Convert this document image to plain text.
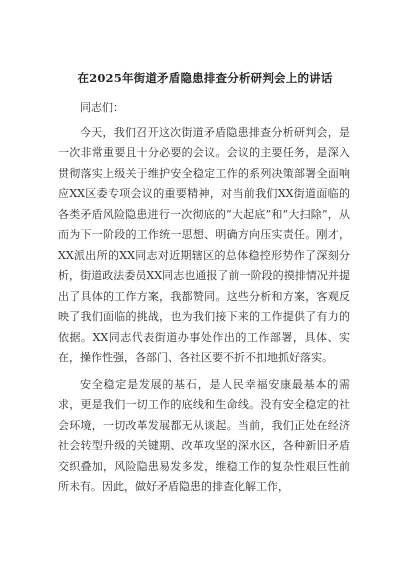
在2025年街道矛盾隐患排查分析研判会上的讲话

同志们：

今天，我们召开这次街道矛盾隐患排查分析研判会，是一次非常重要且十分必要的会议。会议的主要任务，是深入贯彻落实上级关于维护安全稳定工作的系列决策部署全面响应XX区委专项会议的重要精神，对当前我们XX街道面临的各类矛盾风险隐患进行一次彻底的“大起底”和“大扫除”，从而为下一阶段的工作统一思想、明确方向压实责任。刚才，XX派出所的XX同志对近期辖区的总体稳控形势作了深刻分析，街道政法委员XX同志也通报了前一阶段的摸排情况并提出了具体的工作方案，我都赞同。这些分析和方案，客观反映了我们面临的挑战，也为我们接下来的工作提供了有力的依据。XX同志代表街道办事处作出的工作部署，具体、实在，操作性强，各部门、各社区要不折不扣地抓好落实。

安全稳定是发展的基石，是人民幸福安康最基本的需求，更是我们一切工作的底线和生命线。没有安全稳定的社会环境，一切改革发展都无从谈起。当前，我们正处在经济社会转型升级的关键期、改革攻坚的深水区，各种新旧矛盾交织叠加，风险隐患易发多发，维稳工作的复杂性艰巨性前所未有。因此，做好矛盾隐患的排查化解工作，
